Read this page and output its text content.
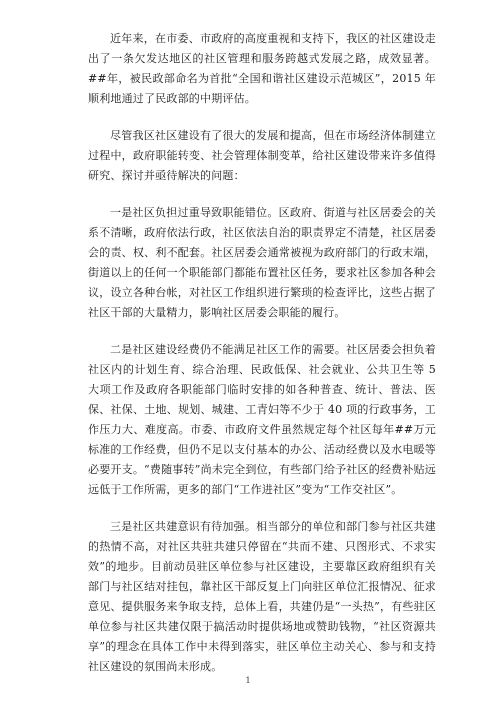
近年来，在市委、市政府的高度重视和支持下，我区的社区建设走出了一条欠发达地区的社区管理和服务跨越式发展之路，成效显著。##年，被民政部命名为首批“全国和谐社区建设示范城区”，2015 年 顺利地通过了民政部的中期评估。

尽管我区社区建设有了很大的发展和提高，但在市场经济体制建立过程中，政府职能转变、社会管理体制变革，给社区建设带来许多值得研究、探讨并亟待解决的问题：

一是社区负担过重导致职能错位。区政府、街道与社区居委会的关系不清晰，政府依法行政，社区依法自治的职责界定不清楚，社区居委会的责、权、利不配套。社区居委会通常被视为政府部门的行政末端，街道以上的任何一个职能部门都能布置社区任务，要求社区参加各种会议，设立各种台帐，对社区工作组织进行繁琐的检查评比，这些占据了社区干部的大量精力，影响社区居委会职能的履行。

二是社区建设经费仍不能满足社区工作的需要。社区居委会担负着社区内的计划生育、综合治理、民政低保、社会就业、公共卫生等 5 大项工作及政府各职能部门临时安排的如各种普查、统计、普法、医保、社保、土地、规划、城建、工青妇等不少于 40 项的行政事务，工作压力大、难度高。市委、市政府文件虽然规定每个社区每年##万元标准的工作经费，但仍不足以支付基本的办公、活动经费以及水电暖等必要开支。“费随事转”尚未完全到位，有些部门给予社区的经费补贴远远低于工作所需，更多的部门“工作进社区”变为“工作交社区”。

三是社区共建意识有待加强。相当部分的单位和部门参与社区共建的热情不高，对社区共驻共建只停留在“共而不建、只图形式、不求实效”的地步。目前动员驻区单位参与社区建设，主要靠区政府组织有关部门与社区结对挂包，靠社区干部反复上门向驻区单位汇报情况、征求意见、提供服务来争取支持，总体上看，共建仍是“一头热”，有些驻区单位参与社区共建仅限于搞活动时提供场地或赞助钱物，“社区资源共享”的理念在具体工作中未得到落实，驻区单位主动关心、参与和支持社区建设的氛围尚未形成。

1
